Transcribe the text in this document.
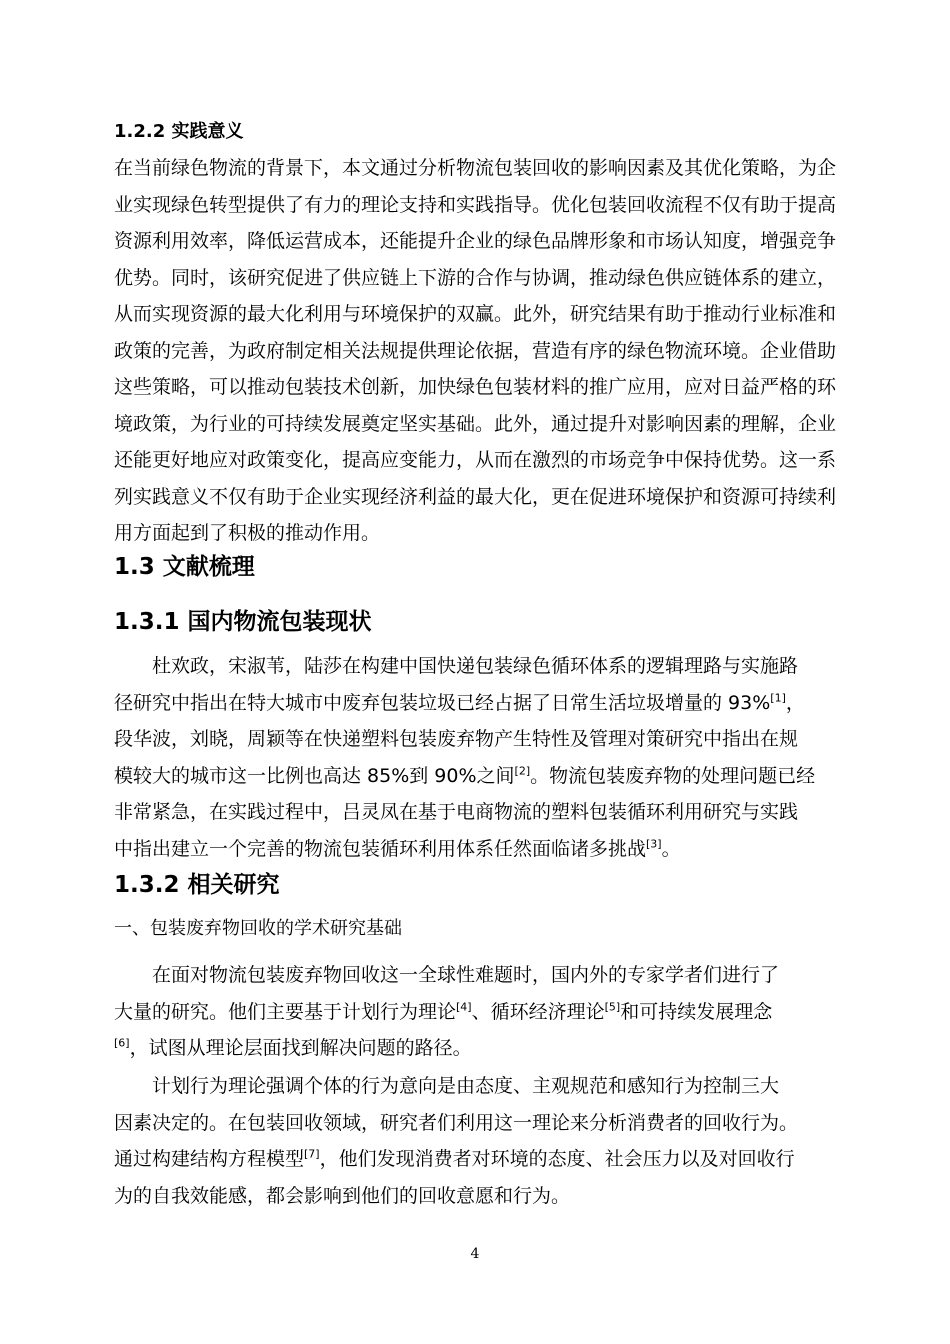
1.2.2 实践意义
在当前绿色物流的背景下，本文通过分析物流包装回收的影响因素及其优化策略，为企业实现绿色转型提供了有力的理论支持和实践指导。优化包装回收流程不仅有助于提高资源利用效率，降低运营成本，还能提升企业的绿色品牌形象和市场认知度，增强竞争优势。同时，该研究促进了供应链上下游的合作与协调，推动绿色供应链体系的建立，从而实现资源的最大化利用与环境保护的双赢。此外，研究结果有助于推动行业标准和政策的完善，为政府制定相关法规提供理论依据，营造有序的绿色物流环境。企业借助这些策略，可以推动包装技术创新，加快绿色包装材料的推广应用，应对日益严格的环境政策，为行业的可持续发展奠定坚实基础。此外，通过提升对影响因素的理解，企业还能更好地应对政策变化，提高应变能力，从而在激烈的市场竞争中保持优势。这一系列实践意义不仅有助于企业实现经济利益的最大化，更在促进环境保护和资源可持续利用方面起到了积极的推动作用。
1.3 文献梳理
1.3.1 国内物流包装现状
杜欢政，宋淑苇，陆莎在构建中国快递包装绿色循环体系的逻辑理路与实施路
径研究中指出在特大城市中废弃包装垃圾已经占据了日常生活垃圾增量的 93%[1]，
段华波，刘晓，周颖等在快递塑料包装废弃物产生特性及管理对策研究中指出在规
模较大的城市这一比例也高达 85%到 90%之间[2]。物流包装废弃物的处理问题已经
非常紧急，在实践过程中，吕灵凤在基于电商物流的塑料包装循环利用研究与实践
中指出建立一个完善的物流包装循环利用体系任然面临诸多挑战[3]。
1.3.2 相关研究
一、包装废弃物回收的学术研究基础
在面对物流包装废弃物回收这一全球性难题时，国内外的专家学者们进行了
大量的研究。他们主要基于计划行为理论[4]、循环经济理论[5]和可持续发展理念
[6]，试图从理论层面找到解决问题的路径。
计划行为理论强调个体的行为意向是由态度、主观规范和感知行为控制三大
因素决定的。在包装回收领域，研究者们利用这一理论来分析消费者的回收行为。
通过构建结构方程模型[7]，他们发现消费者对环境的态度、社会压力以及对回收行
为的自我效能感，都会影响到他们的回收意愿和行为。
4
